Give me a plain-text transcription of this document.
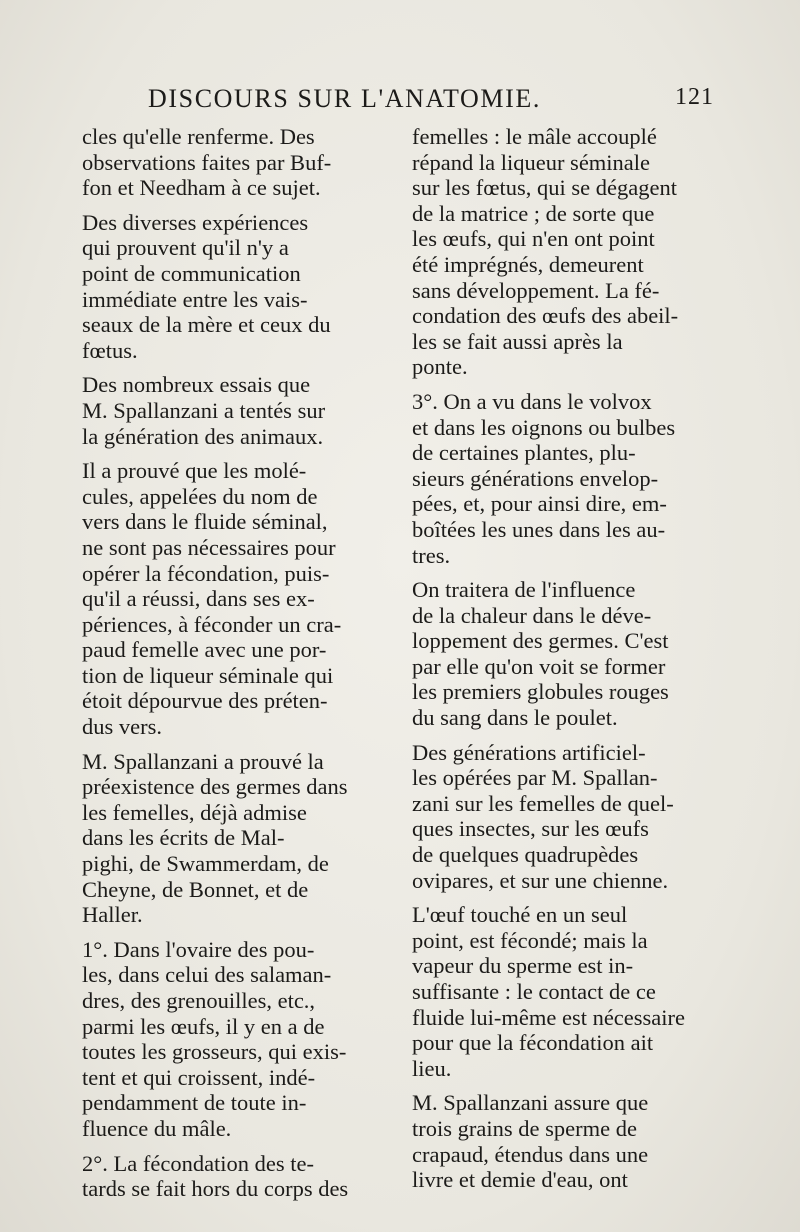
DISCOURS SUR L'ANATOMIE.	121

cles qu'elle renferme. Des
observations faites par Buf-
fon et Needham à ce sujet.

Des diverses expériences
qui prouvent qu'il n'y a
point de communication
immédiate entre les vais-
seaux de la mère et ceux du
fœtus.

Des nombreux essais que
M. Spallanzani a tentés sur
la génération des animaux.

Il a prouvé que les molé-
cules, appelées du nom de
vers dans le fluide séminal,
ne sont pas nécessaires pour
opérer la fécondation, puis-
qu'il a réussi, dans ses ex-
périences, à féconder un cra-
paud femelle avec une por-
tion de liqueur séminale qui
étoit dépourvue des préten-
dus vers.

M. Spallanzani a prouvé la
préexistence des germes dans
les femelles, déjà admise
dans les écrits de Mal-
pighi, de Swammerdam, de
Cheyne, de Bonnet, et de
Haller.

1°. Dans l'ovaire des pou-
les, dans celui des salaman-
dres, des grenouilles, etc.,
parmi les œufs, il y en a de
toutes les grosseurs, qui exis-
tent et qui croissent, indé-
pendamment de toute in-
fluence du mâle.

2°. La fécondation des te-
tards se fait hors du corps des

femelles : le mâle accouplé
répand la liqueur séminale
sur les fœtus, qui se dégagent
de la matrice ; de sorte que
les œufs, qui n'en ont point
été imprégnés, demeurent
sans développement. La fé-
condation des œufs des abeil-
les se fait aussi après la
ponte.

3°. On a vu dans le volvox
et dans les oignons ou bulbes
de certaines plantes, plu-
sieurs générations envelop-
pées, et, pour ainsi dire, em-
boîtées les unes dans les au-
tres.

On traitera de l'influence
de la chaleur dans le déve-
loppement des germes. C'est
par elle qu'on voit se former
les premiers globules rouges
du sang dans le poulet.

Des générations artificiel-
les opérées par M. Spallan-
zani sur les femelles de quel-
ques insectes, sur les œufs
de quelques quadrupèdes
ovipares, et sur une chienne.

L'œuf touché en un seul
point, est fécondé; mais la
vapeur du sperme est in-
suffisante : le contact de ce
fluide lui-même est nécessaire
pour que la fécondation ait
lieu.

M. Spallanzani assure que
trois grains de sperme de
crapaud, étendus dans une
livre et demie d'eau, ont
